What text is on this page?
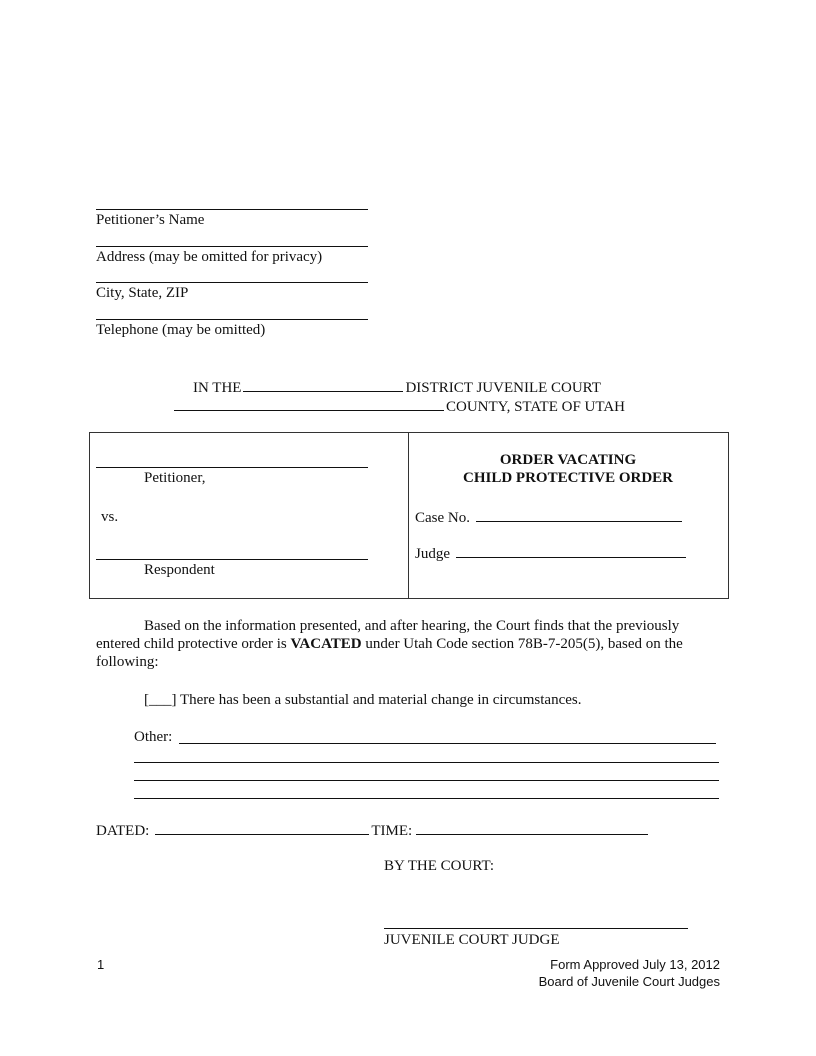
Petitioner’s Name
Address (may be omitted for privacy)
City, State, ZIP
Telephone (may be omitted)
IN THE	DISTRICT JUVENILE COURT
COUNTY, STATE OF UTAH
Petitioner,
vs.
Respondent
ORDER VACATING
CHILD PROTECTIVE ORDER
Case No.
Judge
Based on the information presented, and after hearing, the Court finds that the previously entered child protective order is VACATED under Utah Code section 78B-7-205(5), based on the following:
[___] There has been a substantial and material change in circumstances.
Other:
DATED:	TIME:
BY THE COURT:
JUVENILE COURT JUDGE
1	Form Approved July 13, 2012
Board of Juvenile Court Judges
